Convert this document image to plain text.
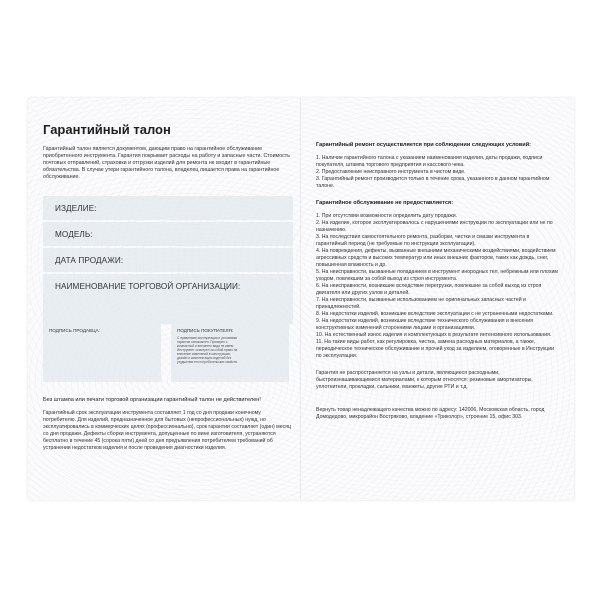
Гарантийный талон
Гарантийный талон является документом, дающим право на гарантийное обслуживание приобретенного инструмента. Гарантия покрывает расходы на работу и запасные части. Стоимость почтовых отправлений, страховки и отгрузки изделий для ремонта не входит в гарантийные обязательства. В случае утери гарантийного талона, владелец лишается права на гарантийное обслуживание.
ИЗДЕЛИЕ:
МОДЕЛЬ:
ДАТА ПРОДАЖИ:
НАИМЕНОВАНИЕ ТОРГОВОЙ ОРГАНИЗАЦИИ:
ПОДПИСЬ ПРОДАВЦА:	ПОДПИСЬ ПОКУПАТЕЛЯ:
С правилами эксплуатации и условиями гарантии ознакомлен. Проверен с компактной и внешнего вида не имею. Инструмент осмотрел за собой право на внесение изменений в конструкцию, дизайн и комплектацию изделий без ухудшения его потребительских свойств.
Без штампа или печати торговой организации гарантийный талон не действителен!
Гарантийный срок эксплуатации инструмента составляет 1 год со дня продажи конечному потребителю. Для изделий, предназначенное для бытовых (непрофессиональных) нужд, но эксплуатировались в коммерческих целях (профессионально), срок гарантии составляет (один) месяц со дня продажи. Дефекты сборки инструмента, допущенные по вине изготовителя, устраняются бесплатно в течение 45 (сорока пяти) дней со дня предъявления потребителем требований об устранении недостатков изделия и после проведения диагностики изделия.
Гарантийный ремонт осуществляется при соблюдении следующих условий:

1. Наличие гарантийного талона с указанием наименования изделия, даты продажи, подписи покупателя, штампа торгового предприятия и кассового чека.

2. Предоставление неисправного инструмента в чистом виде.

3. Гарантийный ремонт производится только в течение срока, указанного в данном гарантийном талоне.

Гарантийное обслуживание не предоставляется:

1. При отсутствии возможности определить дату продажи.

2. На изделие, которое эксплуатировалось с нарушениями инструкции по эксплуатации или не по назначению.

3. На последствия самостоятельного ремонта, разборки, чистки и смазки инструмента в гарантийный период (не требуемые по инструкции эксплуатации).

4. На повреждения, дефекты, вызванные внешними механическими воздействиями, воздействием агрессивных средств и высоких температур или иных внешних факторов, таких как дождь, снег, повышенная влажность и др.

5. На неисправности, вызванные попаданием в инструмент инородных тел, небрежным или плохим уходом, повлекшим за собой выход из строя инструмента.

6. На неисправности, возникшие вследствие перегрузки, повлекшие за собой выход из строя двигателя или других узлов и деталей.

7. На неисправности, вызванные использованием не оригинальных запасных частей и принадлежностей.

8. На недостатки изделий, возникшие вследствие эксплуатации с не устраненными недостатками.

9. На недостатки изделий, возникшие вследствие технического обслуживания и внесения конструктивных изменений сторонними лицами и организациями.

10. На естественный износ изделия и комплектующих в результате интенсивного использования.

11. На такие виды работ, как регулировка, чистка, замена расходных материалов, а также, периодическое техническое обслуживание и прочий уход за изделием, оговоренные в Инструкции по эксплуатации.

Гарантия не распространяется на узлы и детали, являющиеся расходными, быстроизнашивающимися материалами, к которым относятся: резиновые амортизаторы, уплотнители, прокладки, сальники, манжеты, другие РТИ и т.д.

Вернуть товар ненадлежащего качества можно по адресу: 142006, Московская область, город Домодедово, микрорайон Востряково, владение «Триколор», строение 15, офис 303.
